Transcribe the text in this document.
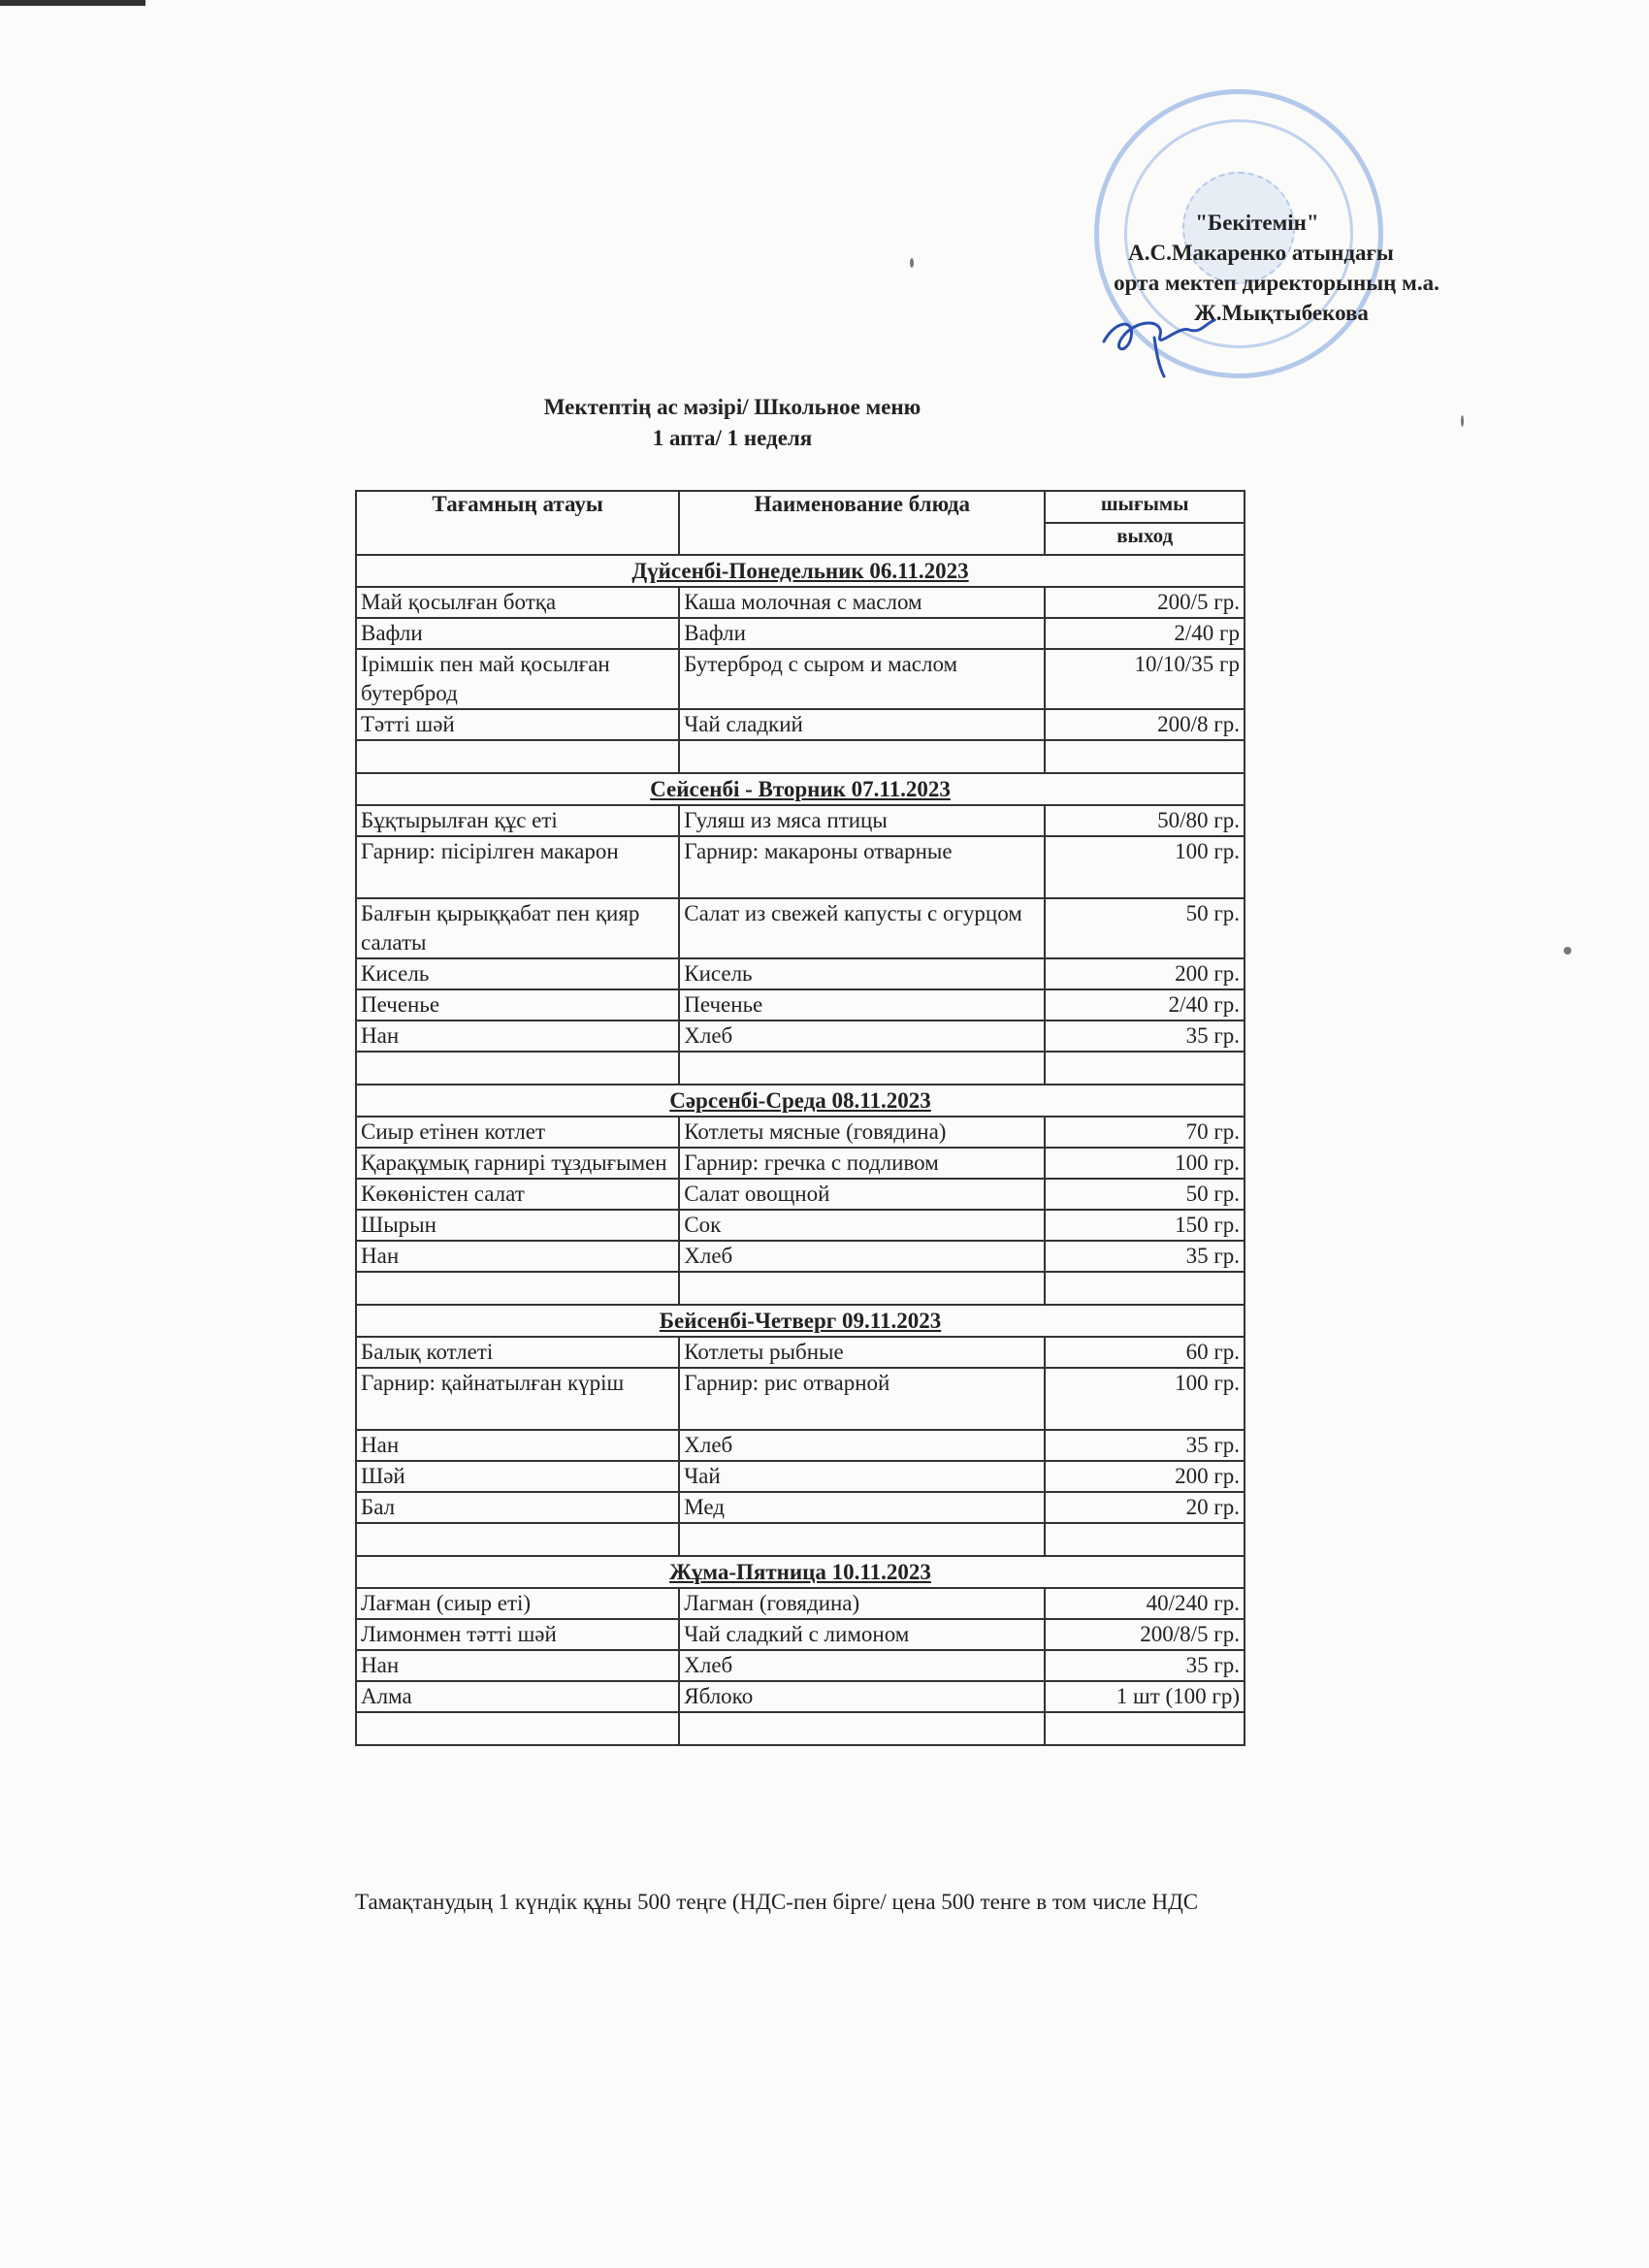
"Бекітемін"
А.С.Макаренко атындағы
орта мектеп директорының м.а.
Ж.Мықтыбекова
Мектептің ас мәзірі/ Школьное меню
1 апта/ 1 неделя
Тағамның атауы	Наименование блюда	шығымы
		выход
Дүйсенбі-Понедельник 06.11.2023		
Май қосылған ботқа	Каша молочная с маслом	200/5 гр.
Вафли	Вафли	2/40 гр
Ірімшік пен май қосылған бутерброд	Бутерброд с сыром и маслом	10/10/35 гр
Тәтті шәй	Чай сладкий	200/8 гр.

Сейсенбі - Вторник 07.11.2023		
Бұқтырылған құс еті	Гуляш из мяса птицы	50/80 гр.
Гарнир: пісірілген макарон	Гарнир: макароны отварные	100 гр.
Балғын қырыққабат пен қияр салаты	Салат из свежей капусты с огурцом	50 гр.
Кисель	Кисель	200 гр.
Печенье	Печенье	2/40 гр.
Нан	Хлеб	35 гр.

Сәрсенбі-Среда 08.11.2023		
Сиыр етінен котлет	Котлеты мясные (говядина)	70 гр.
Қарақұмық гарнирі тұздығымен	Гарнир: гречка с подливом	100 гр.
Көкөністен салат	Салат овощной	50 гр.
Шырын	Сок	150 гр.
Нан	Хлеб	35 гр.

Бейсенбі-Четверг 09.11.2023		
Балық котлеті	Котлеты рыбные	60 гр.
Гарнир: қайнатылған күріш	Гарнир: рис отварной	100 гр.
Нан	Хлеб	35 гр.
Шәй	Чай	200 гр.
Бал	Мед	20 гр.

Жұма-Пятница 10.11.2023		
Лағман (сиыр еті)	Лагман (говядина)	40/240 гр.
Лимонмен тәтті шәй	Чай сладкий с лимоном	200/8/5 гр.
Нан	Хлеб	35 гр.
Алма	Яблоко	1 шт (100 гр)

Тамақтанудың 1 күндік құны 500 теңге (НДС-пен бірге/ цена 500 тенге в том числе НДС
